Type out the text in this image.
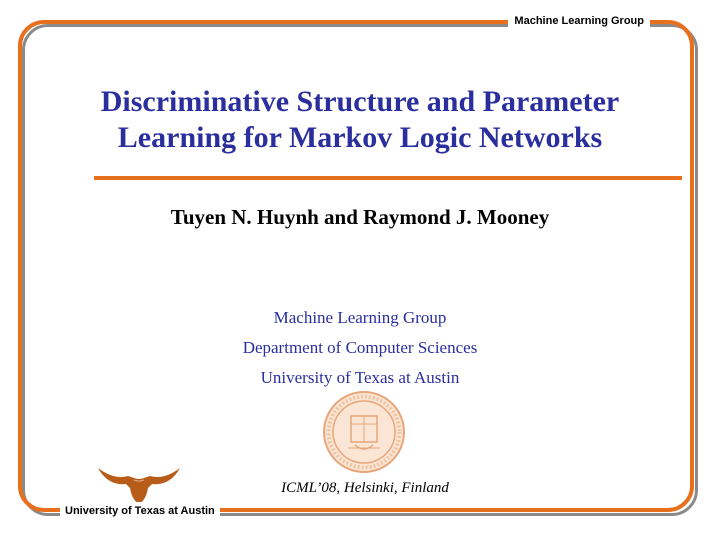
Machine Learning Group
Discriminative Structure and Parameter
Learning for Markov Logic Networks
Tuyen N. Huynh and Raymond J. Mooney
Machine Learning Group
Department of Computer Sciences
University of Texas at Austin
ICML’08, Helsinki, Finland
University of Texas at Austin
